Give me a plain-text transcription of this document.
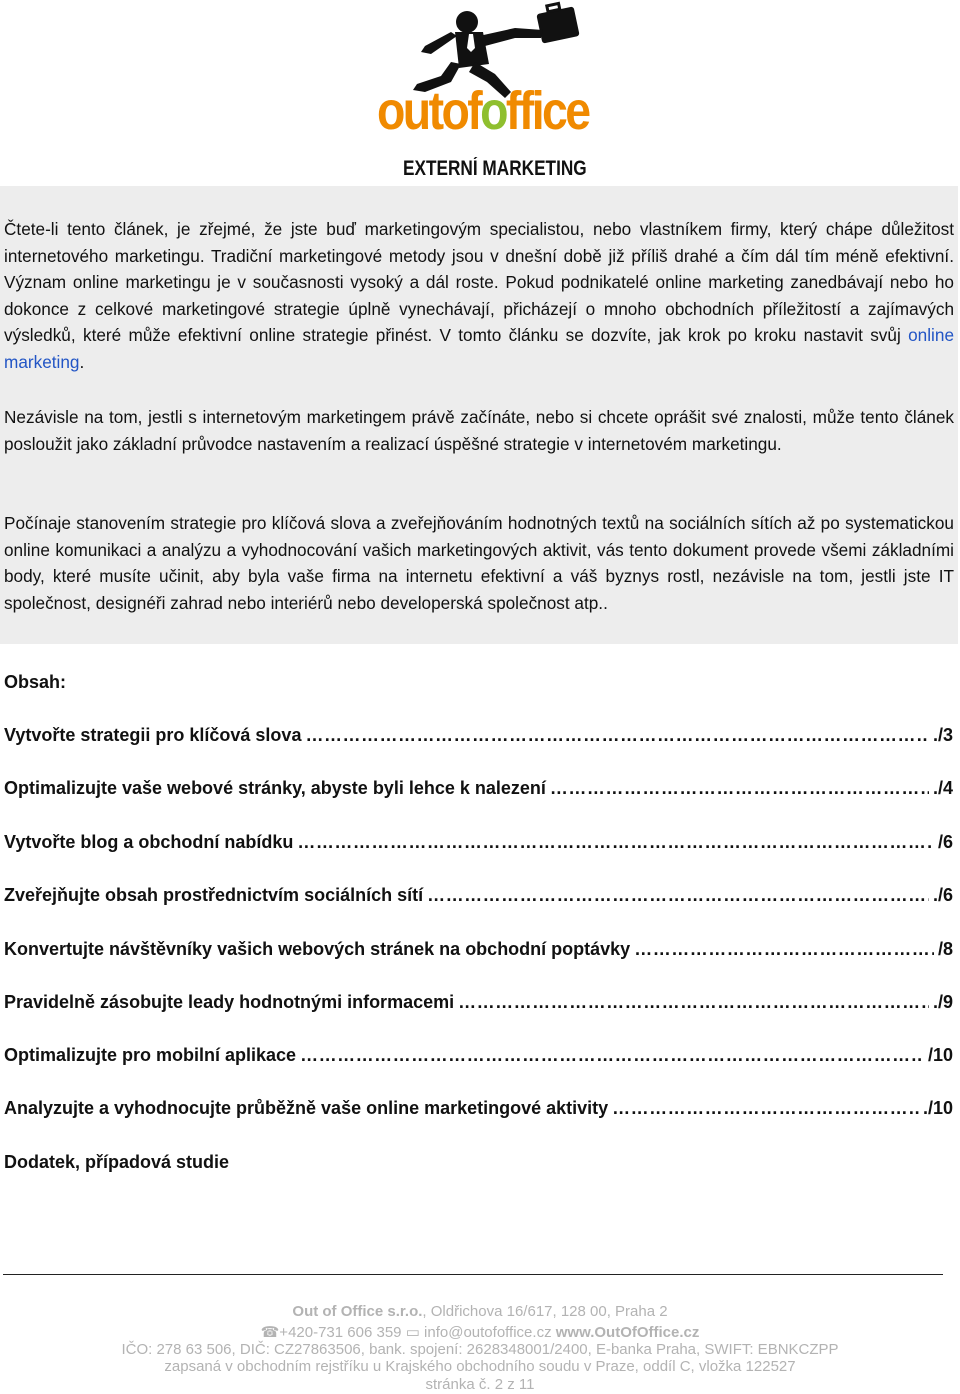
outofoffice
EXTERNÍ MARKETING
Čtete-li tento článek, je zřejmé, že jste buď marketingovým specialistou, nebo vlastníkem firmy, který chápe důležitost internetového marketingu. Tradiční marketingové metody jsou v dnešní době již příliš drahé a čím dál tím méně efektivní. Význam online marketingu je v současnosti vysoký a dál roste. Pokud podnikatelé online marketing zanedbávají nebo ho dokonce z celkové marketingové strategie úplně vynechávají, přicházejí o mnoho obchodních příležitostí a zajímavých výsledků, které může efektivní online strategie přinést. V tomto článku se dozvíte, jak krok po kroku nastavit svůj online marketing.
Nezávisle na tom, jestli s internetovým marketingem právě začínáte, nebo si chcete oprášit své znalosti, může tento článek posloužit jako základní průvodce nastavením a realizací úspěšné strategie v internetovém marketingu.
Počínaje stanovením strategie pro klíčová slova a zveřejňováním hodnotných textů na sociálních sítích až po systematickou online komunikaci a analýzu a vyhodnocování vašich marketingových aktivit, vás tento dokument provede všemi základními body, které musíte učinit, aby byla vaše firma na internetu efektivní a váš byznys rostl, nezávisle na tom, jestli jste IT společnost, designéři zahrad nebo interiérů nebo developerská společnost atp..
Obsah:
Vytvořte strategii pro klíčová slova …………………………………………………………………………………………………………………………	./3
Optimalizujte vaše webové stránky, abyste byli lehce k nalezení …………………………………………………………………………………………………………………………	./4
Vytvořte blog a obchodní nabídku …………………………………………………………………………………………………………………………	/6
Zveřejňujte obsah prostřednictvím sociálních sítí …………………………………………………………………………………………………………………………	./6
Konvertujte návštěvníky vašich webových stránek na obchodní poptávky …………………………………………………………………………………………………………………………	/8
Pravidelně zásobujte leady hodnotnými informacemi …………………………………………………………………………………………………………………………	./9
Optimalizujte pro mobilní aplikace …………………………………………………………………………………………………………………………	/10
Analyzujte a vyhodnocujte průběžně vaše online marketingové aktivity …………………………………………………………………………………………………………………………	./10
Dodatek, případová studie
Out of Office s.r.o., Oldřichova 16/617, 128 00, Praha 2
☎+420-731 606 359 ▭ info@outofoffice.cz www.OutOfOffice.cz
IČO: 278 63 506, DIČ: CZ27863506, bank. spojení: 2628348001/2400, E-banka Praha, SWIFT: EBNKCZPP
zapsaná v obchodním rejstříku u Krajského obchodního soudu v Praze, oddíl C, vložka 122527
stránka č. 2 z 11
